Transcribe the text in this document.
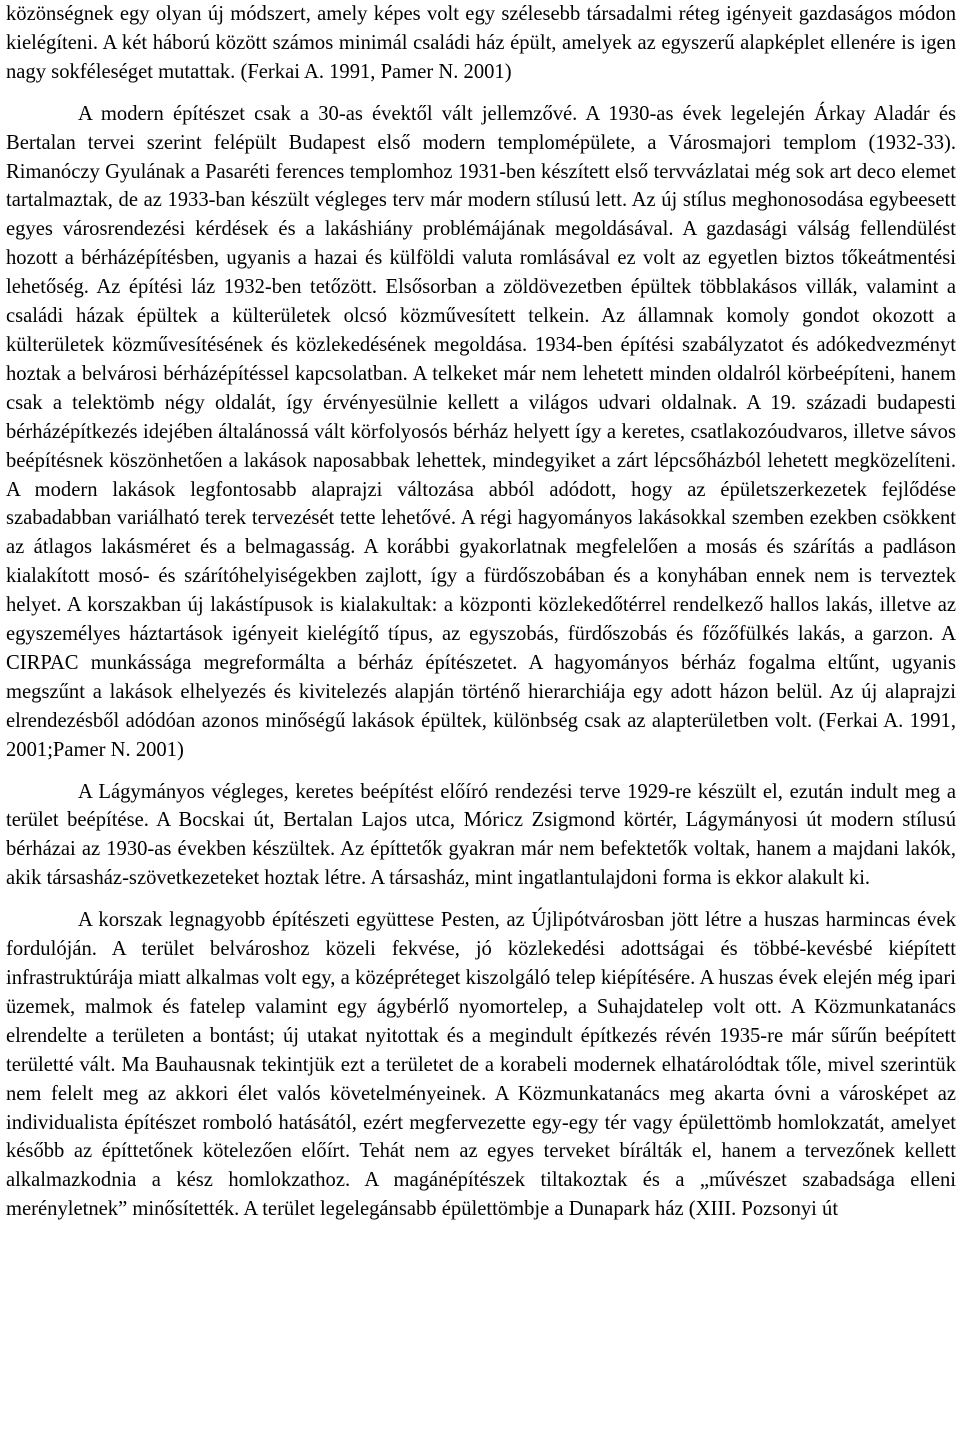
közönségnek egy olyan új módszert, amely képes volt egy szélesebb társadalmi réteg igényeit gazdaságos módon kielégíteni. A két háború között számos minimál családi ház épült, amelyek az egyszerű alapképlet ellenére is igen nagy sokféleséget mutattak. (Ferkai A. 1991, Pamer N. 2001)

A modern építészet csak a 30-as évektől vált jellemzővé. A 1930-as évek legelején Árkay Aladár és Bertalan tervei szerint felépült Budapest első modern templomépülete, a Városmajori templom (1932-33). Rimanóczy Gyulának a Pasaréti ferences templomhoz 1931-ben készített első tervvázlatai még sok art deco elemet tartalmaztak, de az 1933-ban készült végleges terv már modern stílusú lett. Az új stílus meghonosodása egybeesett egyes városrendezési kérdések és a lakáshiány problémájának megoldásával. A gazdasági válság fellendülést hozott a bérházépítésben, ugyanis a hazai és külföldi valuta romlásával ez volt az egyetlen biztos tőkeátmentési lehetőség. Az építési láz 1932-ben tetőzött. Elsősorban a zöldövezetben épültek többlakásos villák, valamint a családi házak épültek a külterületek olcsó közművesített telkein. Az államnak komoly gondot okozott a külterületek közművesítésének és közlekedésének megoldása. 1934-ben építési szabályzatot és adókedvezményt hoztak a belvárosi bérházépítéssel kapcsolatban. A telkeket már nem lehetett minden oldalról körbeépíteni, hanem csak a telektömb négy oldalát, így érvényesülnie kellett a világos udvari oldalnak. A 19. századi budapesti bérházépítkezés idejében általánossá vált körfolyosós bérház helyett így a keretes, csatlakozóudvaros, illetve sávos beépítésnek köszönhetően a lakások naposabbak lehettek, mindegyiket a zárt lépcsőházból lehetett megközelíteni. A modern lakások legfontosabb alaprajzi változása abból adódott, hogy az épületszerkezetek fejlődése szabadabban variálható terek tervezését tette lehetővé. A régi hagyományos lakásokkal szemben ezekben csökkent az átlagos lakásméret és a belmagasság. A korábbi gyakorlatnak megfelelően a mosás és szárítás a padláson kialakított mosó- és szárítóhelyiségekben zajlott, így a fürdőszobában és a konyhában ennek nem is terveztek helyet. A korszakban új lakástípusok is kialakultak: a központi közlekedőtérrel rendelkező hallos lakás, illetve az egyszemélyes háztartások igényeit kielégítő típus, az egyszobás, fürdőszobás és főzőfülkés lakás, a garzon. A CIRPAC munkássága megreformálta a bérház építészetet. A hagyományos bérház fogalma eltűnt, ugyanis megszűnt a lakások elhelyezés és kivitelezés alapján történő hierarchiája egy adott házon belül. Az új alaprajzi elrendezésből adódóan azonos minőségű lakások épültek, különbség csak az alapterületben volt. (Ferkai A. 1991, 2001;Pamer N. 2001)

A Lágymányos végleges, keretes beépítést előíró rendezési terve 1929-re készült el, ezután indult meg a terület beépítése. A Bocskai út, Bertalan Lajos utca, Móricz Zsigmond körtér, Lágymányosi út modern stílusú bérházai az 1930-as években készültek. Az építtetők gyakran már nem befektetők voltak, hanem a majdani lakók, akik társasház-szövetkezeteket hoztak létre. A társasház, mint ingatlantulajdoni forma is ekkor alakult ki.

A korszak legnagyobb építészeti együttese Pesten, az Újlipótvárosban jött létre a huszas harmincas évek fordulóján. A terület belvároshoz közeli fekvése, jó közlekedési adottságai és többé-kevésbé kiépített infrastruktúrája miatt alkalmas volt egy, a középréteget kiszolgáló telep kiépítésére. A huszas évek elején még ipari üzemek, malmok és fatelep valamint egy ágybérlő nyomortelep, a Suhajdatelep volt ott. A Közmunkatanács elrendelte a területen a bontást; új utakat nyitottak és a megindult építkezés révén 1935-re már sűrűn beépített területté vált. Ma Bauhausnak tekintjük ezt a területet de a korabeli modernek elhatárolódtak tőle, mivel szerintük nem felelt meg az akkori élet valós követelményeinek. A Közmunkatanács meg akarta óvni a városképet az individualista építészet romboló hatásától, ezért megfervezette egy-egy tér vagy épülettömb homlokzatát, amelyet később az építtetőnek kötelezően előírt. Tehát nem az egyes terveket bírálták el, hanem a tervezőnek kellett alkalmazkodnia a kész homlokzathoz. A magánépítészek tiltakoztak és a „művészet szabadsága elleni merényletnek” minősítették. A terület legelegánsabb épülettömbje a Dunapark ház (XIII. Pozsonyi út
